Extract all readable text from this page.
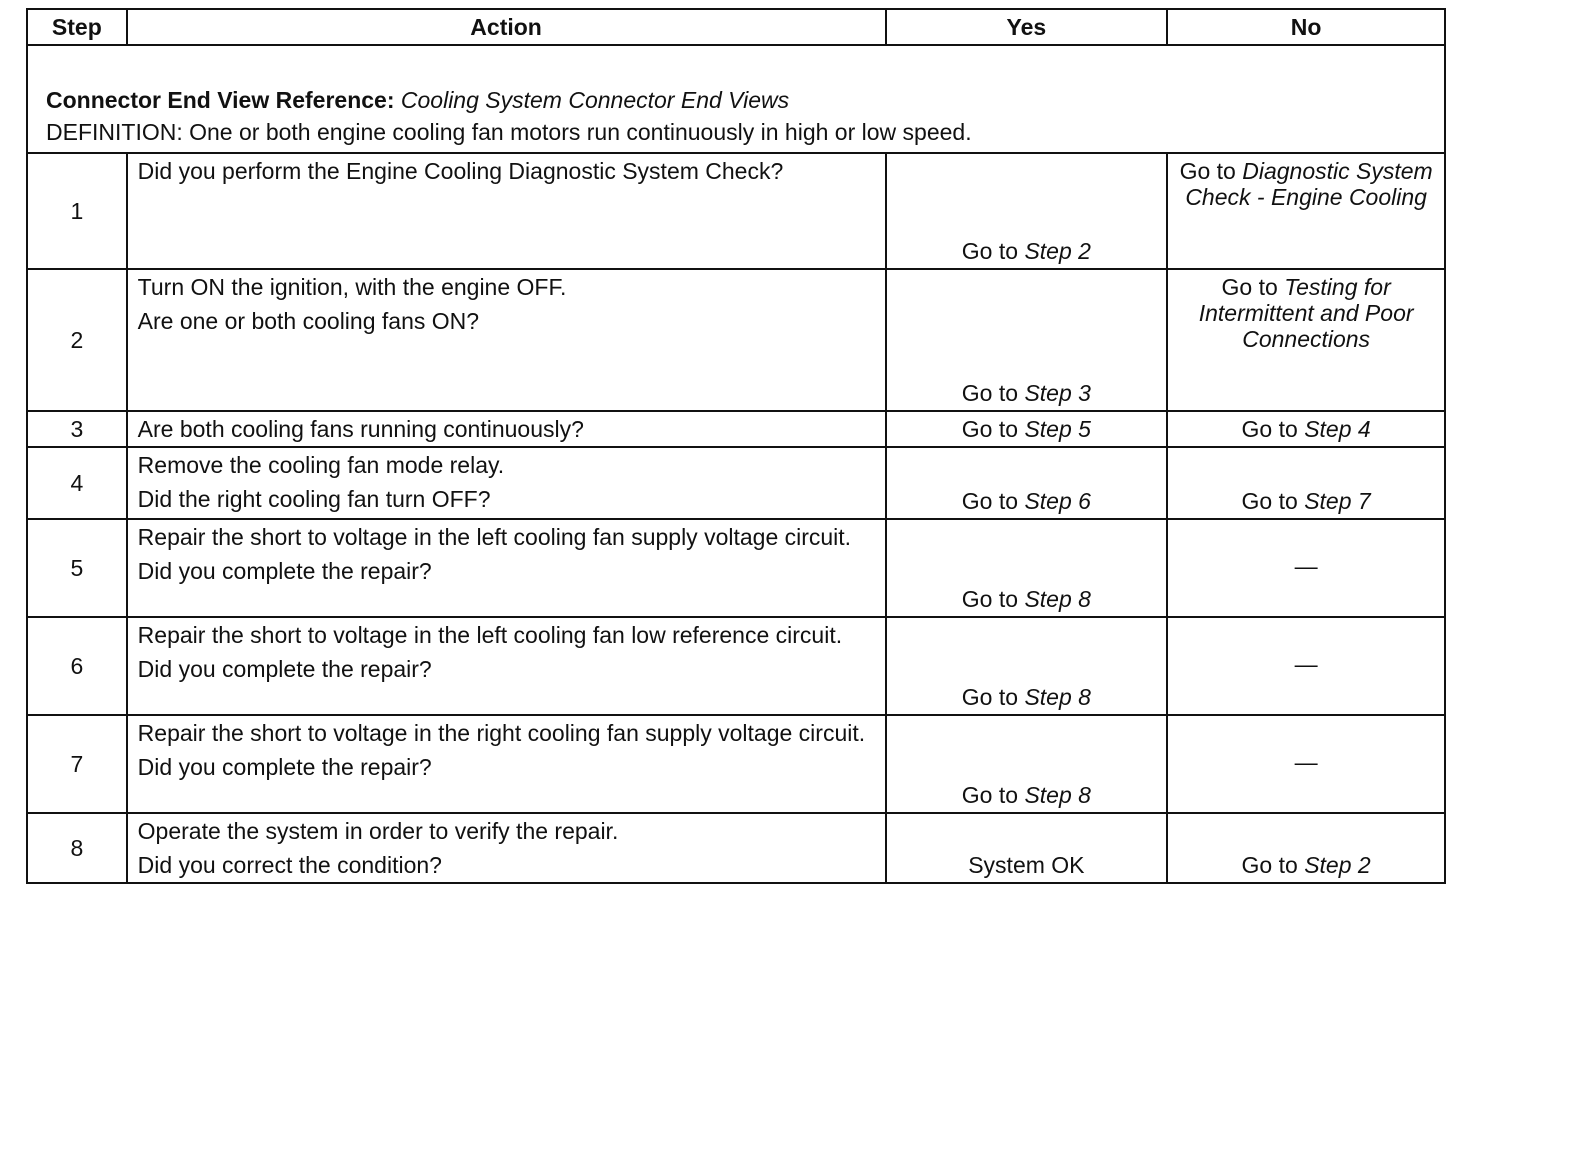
Step	Action	Yes	No

Connector End View Reference: Cooling System Connector End Views
DEFINITION: One or both engine cooling fan motors run continuously in high or low speed.			

1	Did you perform the Engine Cooling Diagnostic System Check?	Go to Step 2	Go to Diagnostic System Check - Engine Cooling
2	Turn ON the ignition, with the engine OFF.
Are one or both cooling fans ON?	Go to Step 3	Go to Testing for Intermittent and Poor Connections
3	Are both cooling fans running continuously?	Go to Step 5	Go to Step 4
4	Remove the cooling fan mode relay.
Did the right cooling fan turn OFF?	Go to Step 6	Go to Step 7
5	Repair the short to voltage in the left cooling fan supply voltage circuit.
Did you complete the repair?	Go to Step 8	—
6	Repair the short to voltage in the left cooling fan low reference circuit.
Did you complete the repair?	Go to Step 8	—
7	Repair the short to voltage in the right cooling fan supply voltage circuit.
Did you complete the repair?	Go to Step 8	—
8	Operate the system in order to verify the repair.
Did you correct the condition?	System OK	Go to Step 2
